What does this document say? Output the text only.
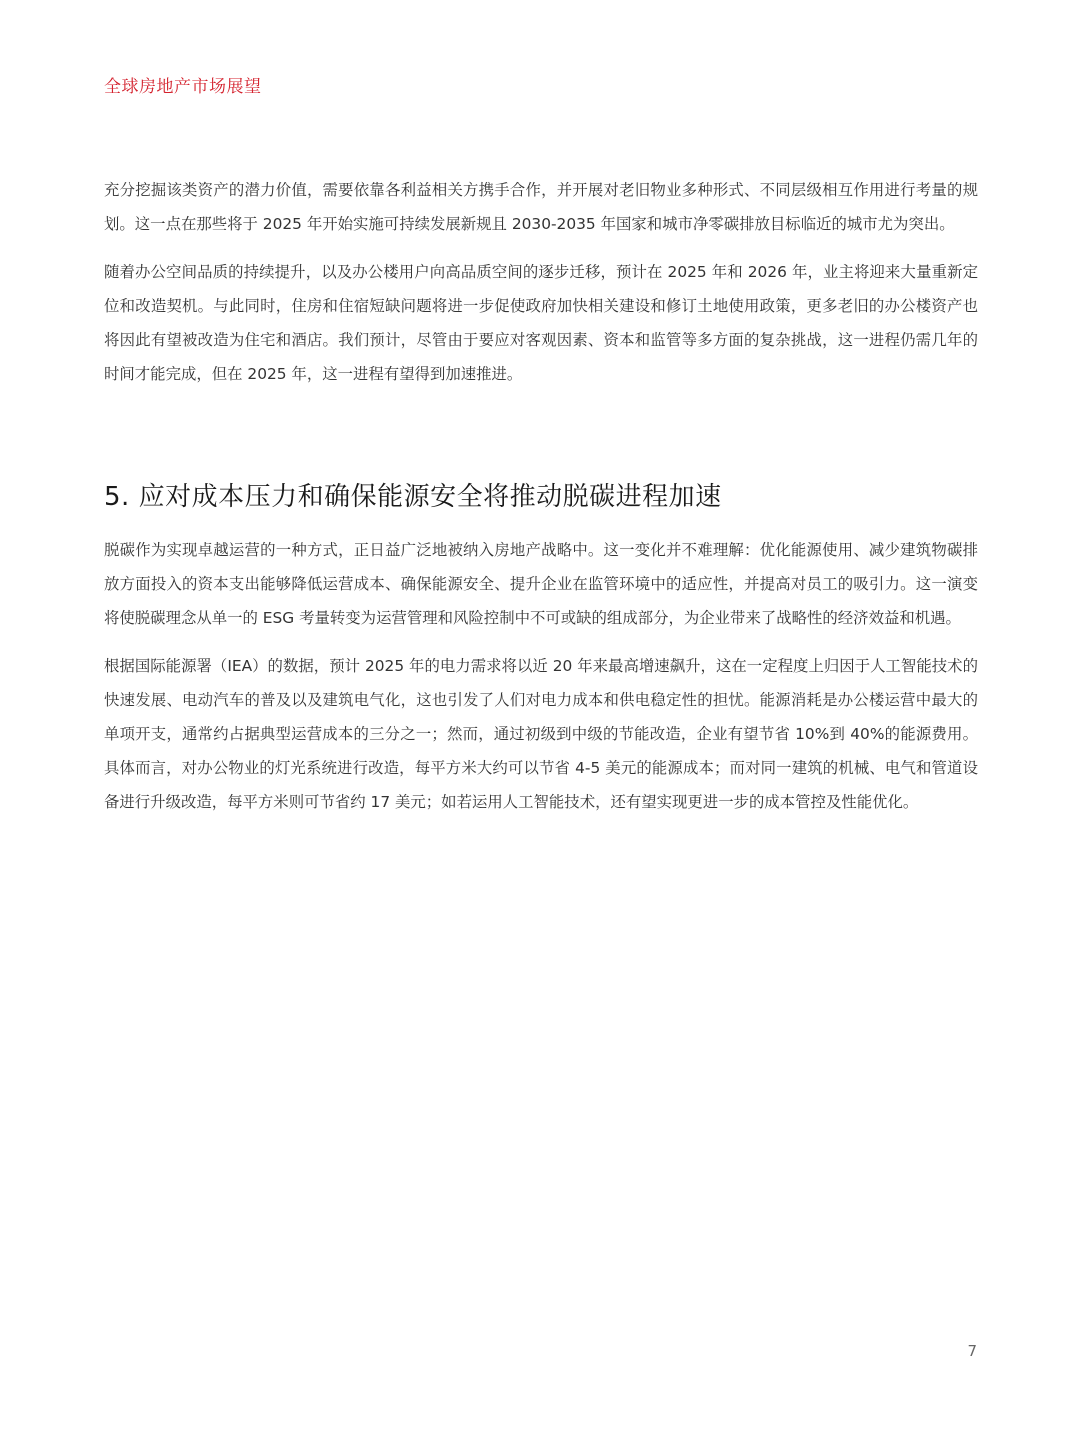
全球房地产市场展望

充分挖掘该类资产的潜力价值，需要依靠各利益相关方携手合作，并开展对老旧物业多种形式、不同层级相互作用进行考量的规划。这一点在那些将于 2025 年开始实施可持续发展新规且 2030-2035 年国家和城市净零碳排放目标临近的城市尤为突出。

随着办公空间品质的持续提升，以及办公楼用户向高品质空间的逐步迁移，预计在 2025 年和 2026 年，业主将迎来大量重新定位和改造契机。与此同时，住房和住宿短缺问题将进一步促使政府加快相关建设和修订土地使用政策，更多老旧的办公楼资产也将因此有望被改造为住宅和酒店。我们预计，尽管由于要应对客观因素、资本和监管等多方面的复杂挑战，这一进程仍需几年的时间才能完成，但在 2025 年，这一进程有望得到加速推进。

5. 应对成本压力和确保能源安全将推动脱碳进程加速

脱碳作为实现卓越运营的一种方式，正日益广泛地被纳入房地产战略中。这一变化并不难理解：优化能源使用、减少建筑物碳排放方面投入的资本支出能够降低运营成本、确保能源安全、提升企业在监管环境中的适应性，并提高对员工的吸引力。这一演变将使脱碳理念从单一的 ESG 考量转变为运营管理和风险控制中不可或缺的组成部分，为企业带来了战略性的经济效益和机遇。

根据国际能源署（IEA）的数据，预计 2025 年的电力需求将以近 20 年来最高增速飙升，这在一定程度上归因于人工智能技术的快速发展、电动汽车的普及以及建筑电气化，这也引发了人们对电力成本和供电稳定性的担忧。能源消耗是办公楼运营中最大的单项开支，通常约占据典型运营成本的三分之一；然而，通过初级到中级的节能改造，企业有望节省 10%到 40%的能源费用。具体而言，对办公物业的灯光系统进行改造，每平方米大约可以节省 4-5 美元的能源成本；而对同一建筑的机械、电气和管道设备进行升级改造，每平方米则可节省约 17 美元；如若运用人工智能技术，还有望实现更进一步的成本管控及性能优化。

7
